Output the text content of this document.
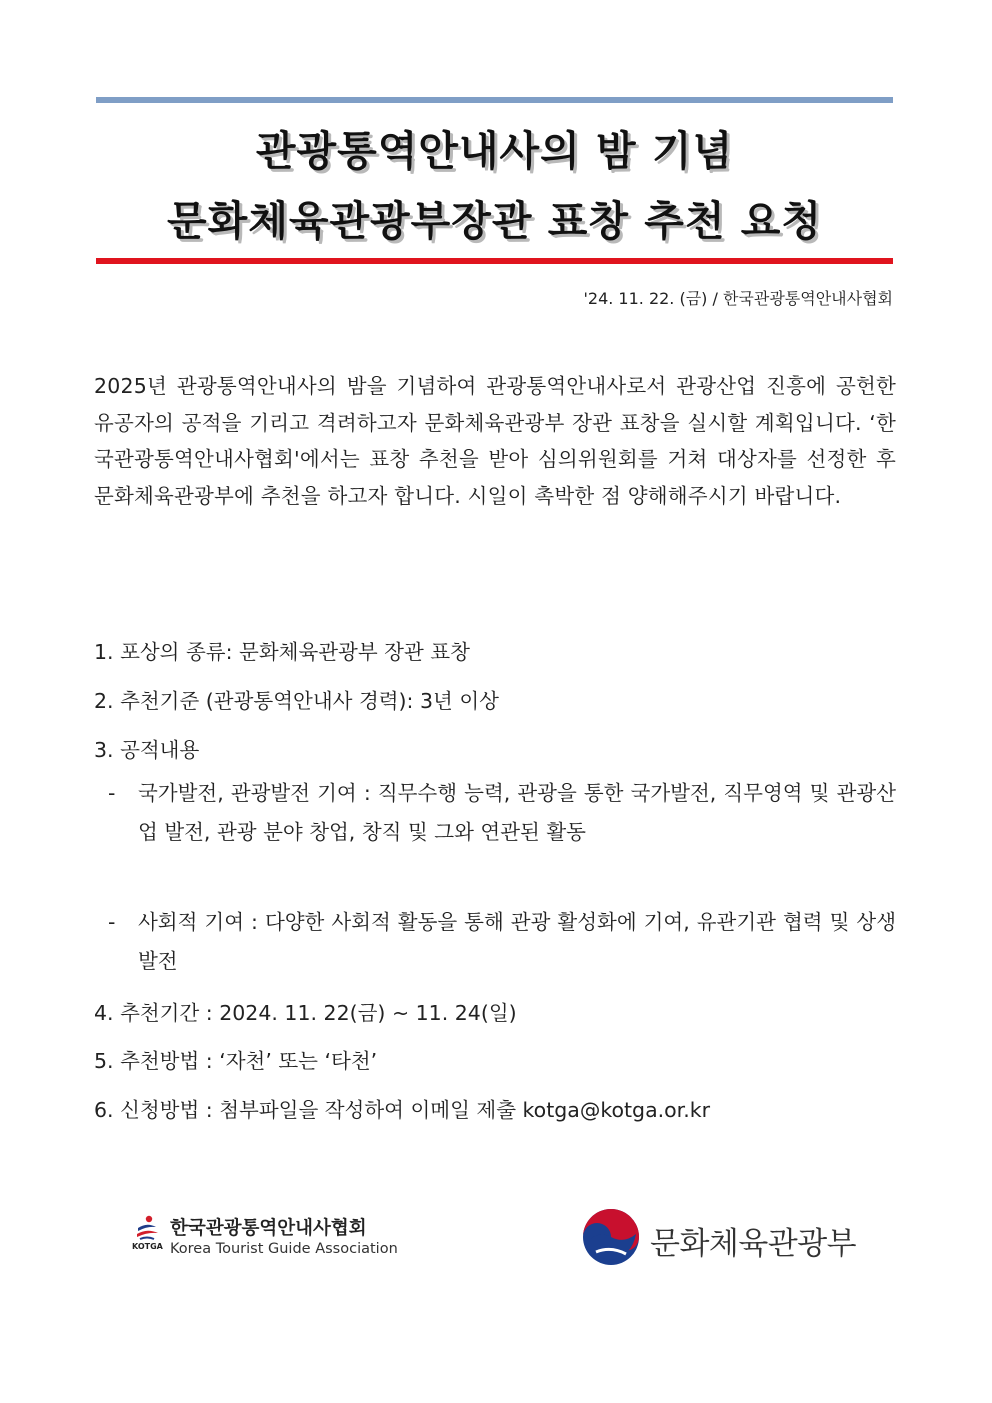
관광통역안내사의 밤 기념
문화체육관광부장관 표창 추천 요청
'24. 11. 22. (금) / 한국관광통역안내사협회

2025년 관광통역안내사의 밤을 기념하여 관광통역안내사로서 관광산업 진흥에 공헌한 유공자의 공적을 기리고 격려하고자 문화체육관광부 장관 표창을 실시할 계획입니다. ‘한국관광통역안내사협회'에서는 표창 추천을 받아 심의위원회를 거쳐 대상자를 선정한 후 문화체육관광부에 추천을 하고자 합니다. 시일이 촉박한 점 양해해주시기 바랍니다.

1. 포상의 종류: 문화체육관광부 장관 표창
2. 추천기준 (관광통역안내사 경력): 3년 이상
3. 공적내용
-	국가발전, 관광발전 기여 : 직무수행 능력, 관광을 통한 국가발전, 직무영역 및 관광산업 발전, 관광 분야 창업, 창직 및 그와 연관된 활동
-	사회적 기여 : 다양한 사회적 활동을 통해 관광 활성화에 기여, 유관기관 협력 및 상생발전
4. 추천기간 : 2024. 11. 22(금) ~ 11. 24(일)
5. 추천방법 : ‘자천’ 또는 ‘타천’
6. 신청방법 : 첨부파일을 작성하여 이메일 제출 kotga@kotga.or.kr
한국관광통역안내사협회
KOTGA Korea Tourist Guide Association	문화체육관광부
